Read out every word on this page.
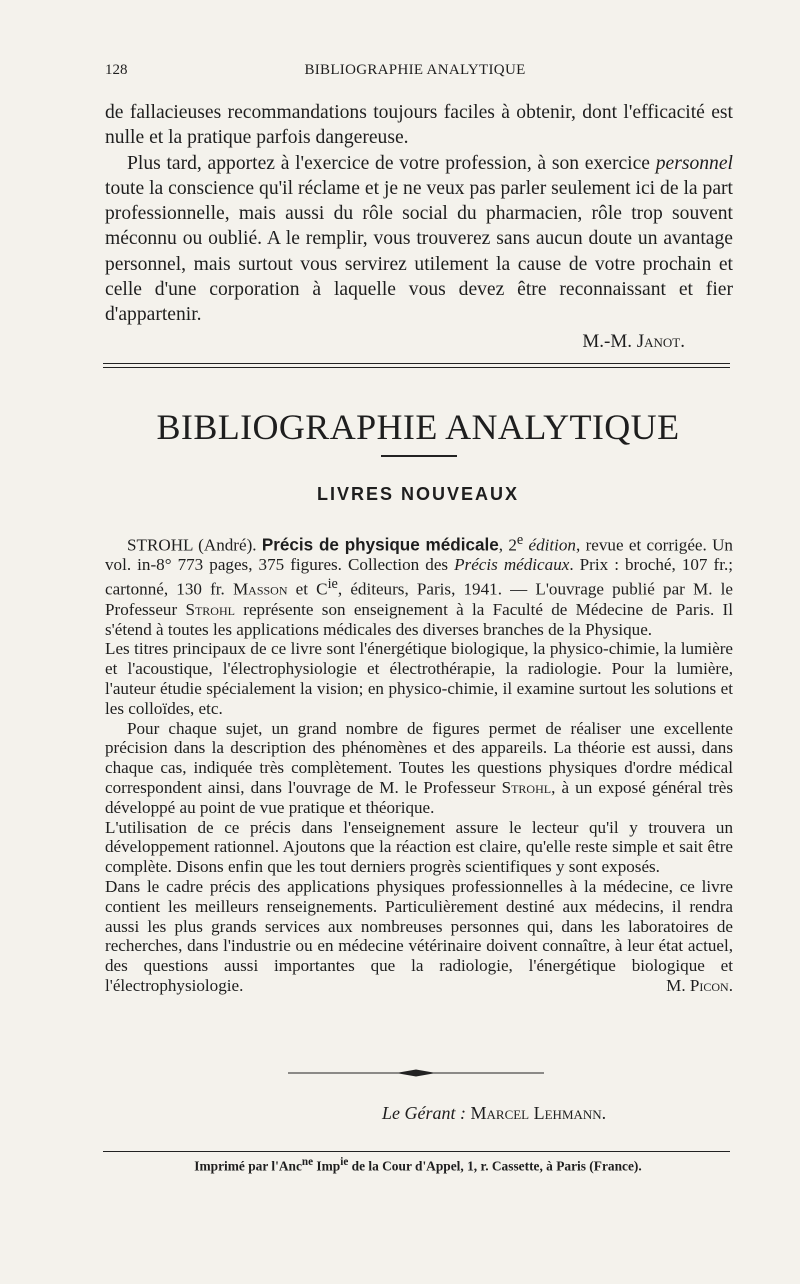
128	BIBLIOGRAPHIE ANALYTIQUE

de fallacieuses recommandations toujours faciles à obtenir, dont l'efficacité est nulle et la pratique parfois dangereuse.

Plus tard, apportez à l'exercice de votre profession, à son exercice personnel toute la conscience qu'il réclame et je ne veux pas parler seulement ici de la part professionnelle, mais aussi du rôle social du pharmacien, rôle trop souvent méconnu ou oublié. A le remplir, vous trouverez sans aucun doute un avantage personnel, mais surtout vous servirez utilement la cause de votre prochain et celle d'une corporation à laquelle vous devez être reconnaissant et fier d'appartenir.

M.-M. Janot.
BIBLIOGRAPHIE ANALYTIQUE
LIVRES NOUVEAUX

STROHL (André). Précis de physique médicale, 2e édition, revue et corrigée. Un vol. in-8° 773 pages, 375 figures. Collection des Précis médicaux. Prix : broché, 107 fr.; cartonné, 130 fr. Masson et $C^{ie}$, éditeurs, Paris, 1941. — L'ouvrage publié par M. le Professeur Strohl représente son enseignement à la Faculté de Médecine de Paris. Il s'étend à toutes les applications médicales des diverses branches de la Physique.

Les titres principaux de ce livre sont l'énergétique biologique, la physico-chimie, la lumière et l'acoustique, l'électrophysiologie et électrothérapie, la radiologie. Pour la lumière, l'auteur étudie spécialement la vision; en physico-chimie, il examine surtout les solutions et les colloïdes, etc.

Pour chaque sujet, un grand nombre de figures permet de réaliser une excellente précision dans la description des phénomènes et des appareils. La théorie est aussi, dans chaque cas, indiquée très complètement. Toutes les questions physiques d'ordre médical correspondent ainsi, dans l'ouvrage de M. le Professeur Strohl, à un exposé général très développé au point de vue pratique et théorique.

L'utilisation de ce précis dans l'enseignement assure le lecteur qu'il y trouvera un développement rationnel. Ajoutons que la réaction est claire, qu'elle reste simple et sait être complète. Disons enfin que les tout derniers progrès scientifiques y sont exposés.

Dans le cadre précis des applications physiques professionnelles à la médecine, ce livre contient les meilleurs renseignements. Particulièrement destiné aux médecins, il rendra aussi les plus grands services aux nombreuses personnes qui, dans les laboratoires de recherches, dans l'industrie ou en médecine vétérinaire doivent connaître, à leur état actuel, des questions aussi importantes que la radiologie, l'énergétique biologique et l'électrophysiologie.	M. Picon.

Le Gérant : Marcel Lehmann.
Imprimé par l'Anc$^{ne}$ Imp$^{ie}$ de la Cour d'Appel, 1, r. Cassette, à Paris (France).
